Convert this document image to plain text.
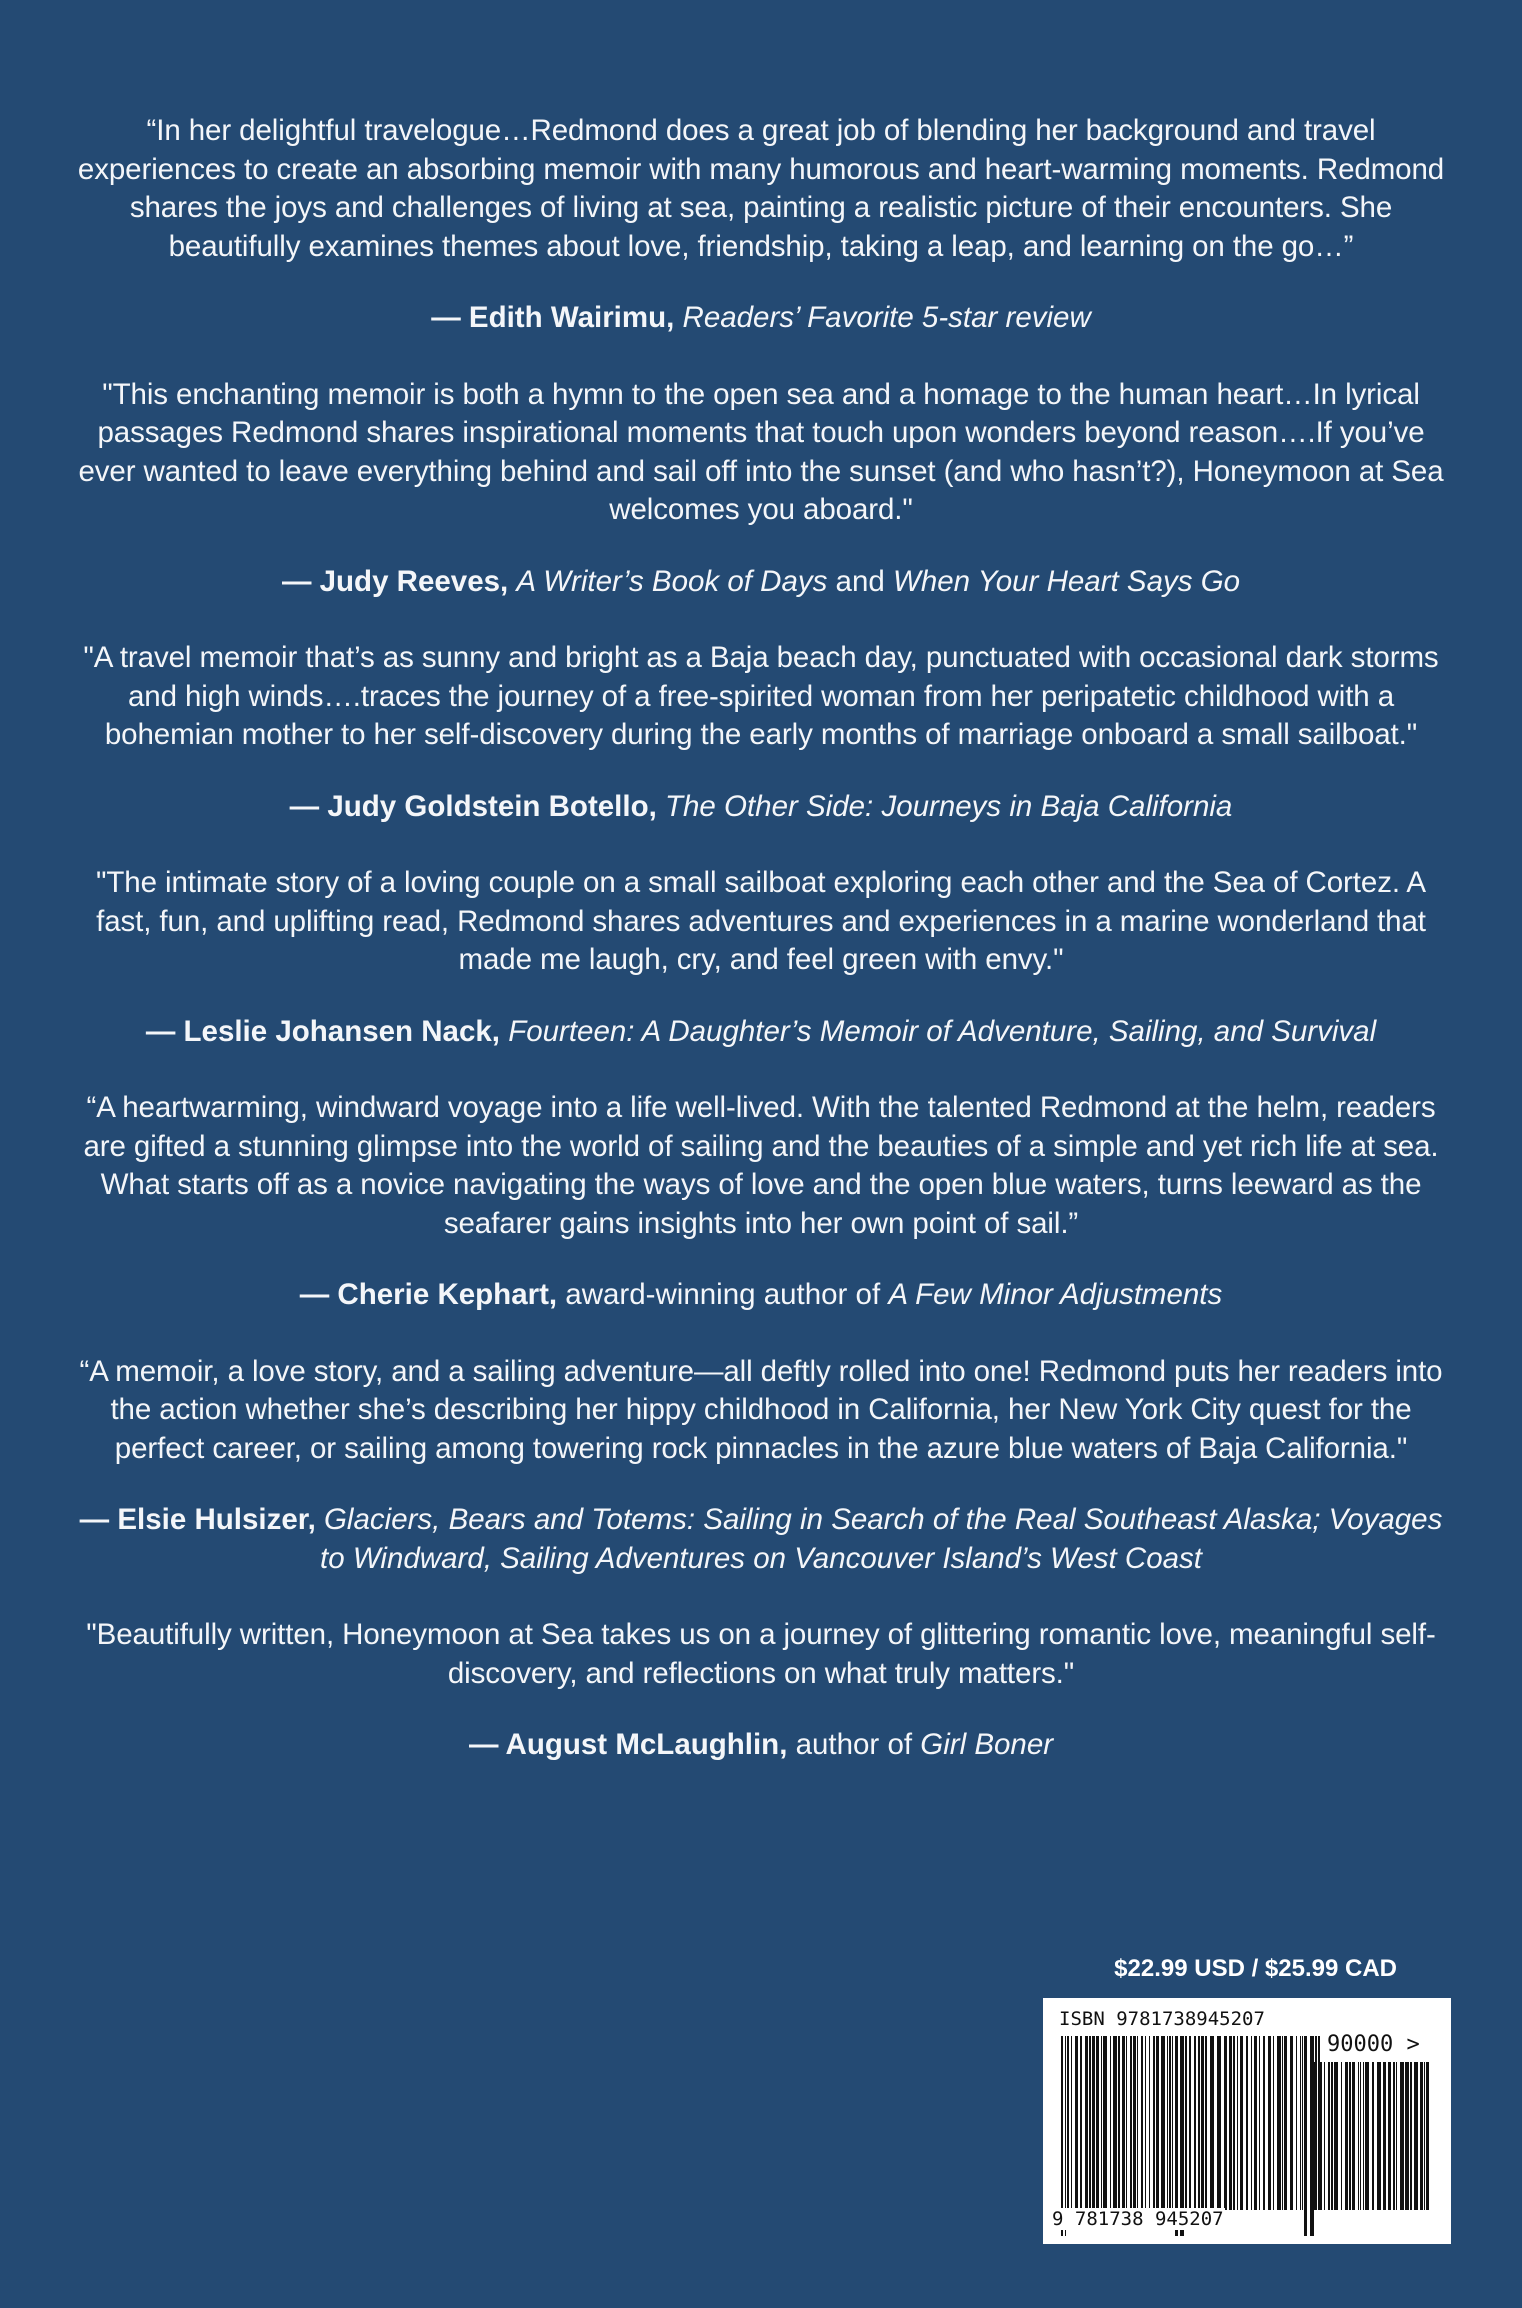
“In her delightful travelogue…Redmond does a great job of blending her background and travel experiences to create an absorbing memoir with many humorous and heart-warming moments. Redmond shares the joys and challenges of living at sea, painting a realistic picture of their encounters. She beautifully examines themes about love, friendship, taking a leap, and learning on the go…”

— Edith Wairimu, Readers’ Favorite 5-star review

"This enchanting memoir is both a hymn to the open sea and a homage to the human heart…In lyrical passages Redmond shares inspirational moments that touch upon wonders beyond reason….If you’ve ever wanted to leave everything behind and sail off into the sunset (and who hasn’t?), Honeymoon at Sea welcomes you aboard."

— Judy Reeves, A Writer’s Book of Days and When Your Heart Says Go

"A travel memoir that’s as sunny and bright as a Baja beach day, punctuated with occasional dark storms and high winds….traces the journey of a free-spirited woman from her peripatetic childhood with a bohemian mother to her self-discovery during the early months of marriage onboard a small sailboat."

— Judy Goldstein Botello, The Other Side: Journeys in Baja California

"The intimate story of a loving couple on a small sailboat exploring each other and the Sea of Cortez. A fast, fun, and uplifting read, Redmond shares adventures and experiences in a marine wonderland that made me laugh, cry, and feel green with envy."

— Leslie Johansen Nack, Fourteen: A Daughter’s Memoir of Adventure, Sailing, and Survival

“A heartwarming, windward voyage into a life well-lived. With the talented Redmond at the helm, readers are gifted a stunning glimpse into the world of sailing and the beauties of a simple and yet rich life at sea. What starts off as a novice navigating the ways of love and the open blue waters, turns leeward as the seafarer gains insights into her own point of sail.”

— Cherie Kephart, award-winning author of A Few Minor Adjustments

“A memoir, a love story, and a sailing adventure—all deftly rolled into one! Redmond puts her readers into the action whether she’s describing her hippy childhood in California, her New York City quest for the perfect career, or sailing among towering rock pinnacles in the azure blue waters of Baja California."

— Elsie Hulsizer, Glaciers, Bears and Totems: Sailing in Search of the Real Southeast Alaska; Voyages to Windward, Sailing Adventures on Vancouver Island’s West Coast

"Beautifully written, Honeymoon at Sea takes us on a journey of glittering romantic love, meaningful self-discovery, and reflections on what truly matters."

— August McLaughlin, author of Girl Boner

$22.99 USD / $25.99 CAD
ISBN 9781738945207
90000 >
9 781738 945207
